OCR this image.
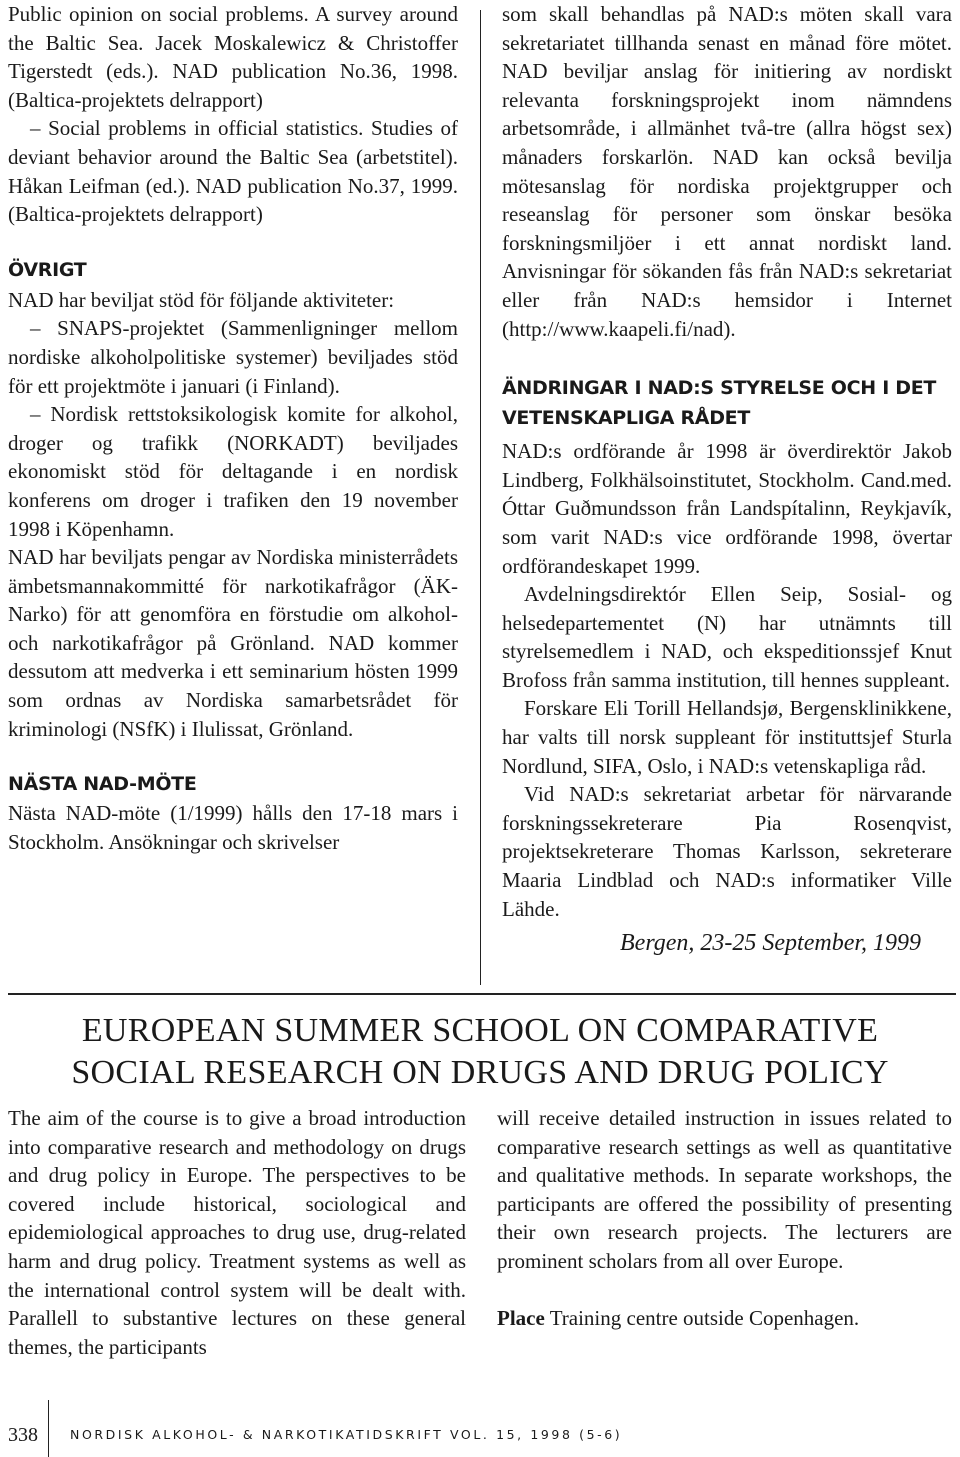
Public opinion on social problems. A survey around the Baltic Sea. Jacek Moskalewicz & Christoffer Tigerstedt (eds.). NAD publication No.36, 1998. (Baltica-projektets delrapport)

– Social problems in official statistics. Studies of deviant behavior around the Baltic Sea (arbetstitel). Håkan Leifman (ed.). NAD publication No.37, 1999. (Baltica-projektets delrapport)

ÖVRIGT

NAD har beviljat stöd för följande aktiviteter:

– SNAPS-projektet (Sammenligninger mellom nordiske alkoholpolitiske systemer) beviljades stöd för ett projektmöte i januari (i Finland).

– Nordisk rettstoksikologisk komite for alkohol, droger og trafikk (NORKADT) beviljades ekonomiskt stöd för deltagande i en nordisk konferens om droger i trafiken den 19 november 1998 i Köpenhamn.

NAD har beviljats pengar av Nordiska ministerrådets ämbetsmannakommitté för narkotikafrågor (ÄK-Narko) för att genomföra en förstudie om alkohol- och narkotikafrågor på Grönland. NAD kommer dessutom att medverka i ett seminarium hösten 1999 som ordnas av Nordiska samarbetsrådet för kriminologi (NSfK) i Ilulissat, Grönland.

NÄSTA NAD-MÖTE

Nästa NAD-möte (1/1999) hålls den 17-18 mars i Stockholm. Ansökningar och skrivelser

som skall behandlas på NAD:s möten skall vara sekretariatet tillhanda senast en månad före mötet. NAD beviljar anslag för initiering av nordiskt relevanta forskningsprojekt inom nämndens arbetsområde, i allmänhet två-tre (allra högst sex) månaders forskarlön. NAD kan också bevilja mötesanslag för nordiska projektgrupper och reseanslag för personer som önskar besöka forskningsmiljöer i ett annat nordiskt land. Anvisningar för sökanden fås från NAD:s sekretariat eller från NAD:s hemsidor i Internet (http://www.kaapeli.fi/nad).

ÄNDRINGAR I NAD:S STYRELSE OCH I DET VETENSKAPLIGA RÅDET

NAD:s ordförande år 1998 är överdirektör Jakob Lindberg, Folkhälsoinstitutet, Stockholm. Cand.med. Óttar Guðmundsson från Landspítalinn, Reykjavík, som varit NAD:s vice ordförande 1998, övertar ordförandeskapet 1999.

Avdelningsdirektór Ellen Seip, Sosial- og helsedepartementet (N) har utnämnts till styrelsemedlem i NAD, och ekspeditionssjef Knut Brofoss från samma institution, till hennes suppleant.

Forskare Eli Torill Hellandsjø, Bergensklinikkene, har valts till norsk suppleant för instituttsjef Sturla Nordlund, SIFA, Oslo, i NAD:s vetenskapliga råd.

Vid NAD:s sekretariat arbetar för närvarande forskningssekreterare Pia Rosenqvist, projektsekreterare Thomas Karlsson, sekreterare Maaria Lindblad och NAD:s informatiker Ville Lähde.

Bergen, 23-25 September, 1999
EUROPEAN SUMMER SCHOOL ON COMPARATIVE
SOCIAL RESEARCH ON DRUGS AND DRUG POLICY

The aim of the course is to give a broad introduction into comparative research and methodology on drugs and drug policy in Europe. The perspectives to be covered include historical, sociological and epidemiological approaches to drug use, drug-related harm and drug policy. Treatment systems as well as the international control system will be dealt with. Parallell to substantive lectures on these general themes, the participants

will receive detailed instruction in issues related to comparative research settings as well as quantitative and qualitative methods. In separate workshops, the participants are offered the possibility of presenting their own research projects. The lecturers are prominent scholars from all over Europe.

Place Training centre outside Copenhagen.

338	NORDISK ALKOHOL- & NARKOTIKATIDSKRIFT VOL. 15, 1998 (5-6)
